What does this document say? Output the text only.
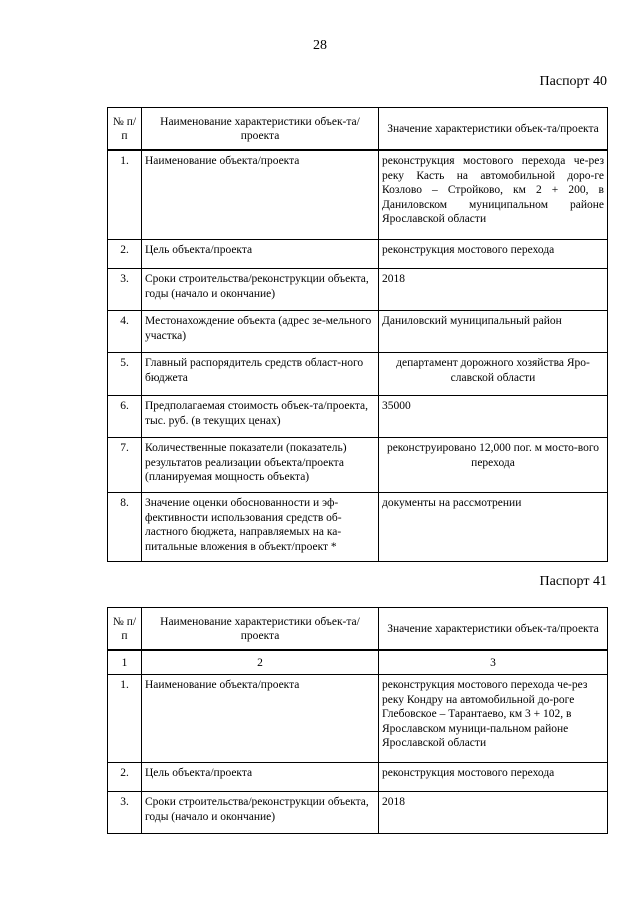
28
Паспорт 40
№ п/п	Наименование характеристики объек-та/проекта	Значение характеристики объек-та/проекта

1.	Наименование объекта/проекта	реконструкция мостового перехода че-рез реку Касть на автомобильной доро-ге Козлово – Стройково, км 2 + 200, в Даниловском муниципальном районе Ярославской области
2.	Цель объекта/проекта	реконструкция мостового перехода
3.	Сроки строительства/реконструкции объекта, годы (начало и окончание)	2018
4.	Местонахождение объекта (адрес зе-мельного участка)	Даниловский муниципальный район
5.	Главный распорядитель средств област-ного бюджета	департамент дорожного хозяйства Яро-славской области
6.	Предполагаемая стоимость объек-та/проекта, тыс. руб. (в текущих ценах)	35000
7.	Количественные показатели (показатель) результатов реализации объекта/проекта (планируемая мощность объекта)	реконструировано 12,000 пог. м мосто-вого перехода
8.	Значение оценки обоснованности и эф-фективности использования средств об-ластного бюджета, направляемых на ка-питальные вложения в объект/проект *	документы на рассмотрении
Паспорт 41
№ п/п	Наименование характеристики объек-та/проекта	Значение характеристики объек-та/проекта

1	2	3
1.	Наименование объекта/проекта	реконструкция мостового перехода че-рез реку Кондру на автомобильной до-роге Глебовское – Тарантаево, км 3 + 102, в Ярославском муници-пальном районе Ярославской области
2.	Цель объекта/проекта	реконструкция мостового перехода
3.	Сроки строительства/реконструкции объекта, годы (начало и окончание)	2018
